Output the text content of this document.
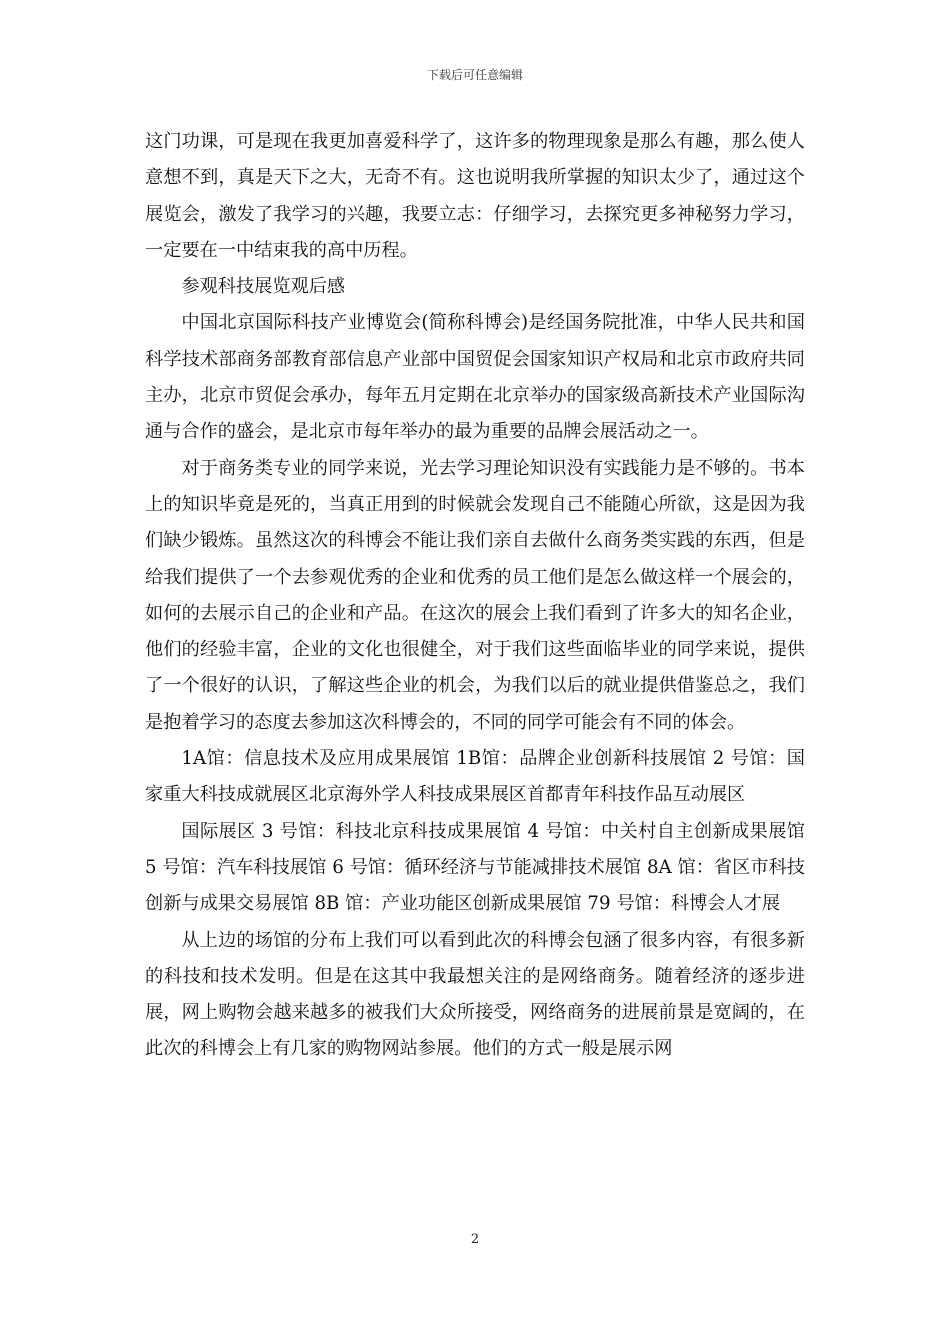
下载后可任意编辑

这门功课，可是现在我更加喜爱科学了，这许多的物理现象是那么有趣，那么使人意想不到，真是天下之大，无奇不有。这也说明我所掌握的知识太少了，通过这个展览会，激发了我学习的兴趣，我要立志：仔细学习，去探究更多神秘努力学习，一定要在一中结束我的高中历程。

参观科技展览观后感

中国北京国际科技产业博览会(简称科博会)是经国务院批准，中华人民共和国科学技术部商务部教育部信息产业部中国贸促会国家知识产权局和北京市政府共同主办，北京市贸促会承办，每年五月定期在北京举办的国家级高新技术产业国际沟通与合作的盛会，是北京市每年举办的最为重要的品牌会展活动之一。

对于商务类专业的同学来说，光去学习理论知识没有实践能力是不够的。书本上的知识毕竟是死的，当真正用到的时候就会发现自己不能随心所欲，这是因为我们缺少锻炼。虽然这次的科博会不能让我们亲自去做什么商务类实践的东西，但是给我们提供了一个去参观优秀的企业和优秀的员工他们是怎么做这样一个展会的，如何的去展示自己的企业和产品。在这次的展会上我们看到了许多大的知名企业，他们的经验丰富，企业的文化也很健全，对于我们这些面临毕业的同学来说，提供了一个很好的认识，了解这些企业的机会，为我们以后的就业提供借鉴总之，我们是抱着学习的态度去参加这次科博会的，不同的同学可能会有不同的体会。

1A馆：信息技术及应用成果展馆 1B馆：品牌企业创新科技展馆 2 号馆：国家重大科技成就展区北京海外学人科技成果展区首都青年科技作品互动展区

国际展区 3 号馆：科技北京科技成果展馆 4 号馆：中关村自主创新成果展馆 5 号馆：汽车科技展馆 6 号馆：循环经济与节能减排技术展馆 8A 馆：省区市科技创新与成果交易展馆 8B 馆：产业功能区创新成果展馆 79 号馆：科博会人才展

从上边的场馆的分布上我们可以看到此次的科博会包涵了很多内容，有很多新的科技和技术发明。但是在这其中我最想关注的是网络商务。随着经济的逐步进展，网上购物会越来越多的被我们大众所接受，网络商务的进展前景是宽阔的，在此次的科博会上有几家的购物网站参展。他们的方式一般是展示网

2
